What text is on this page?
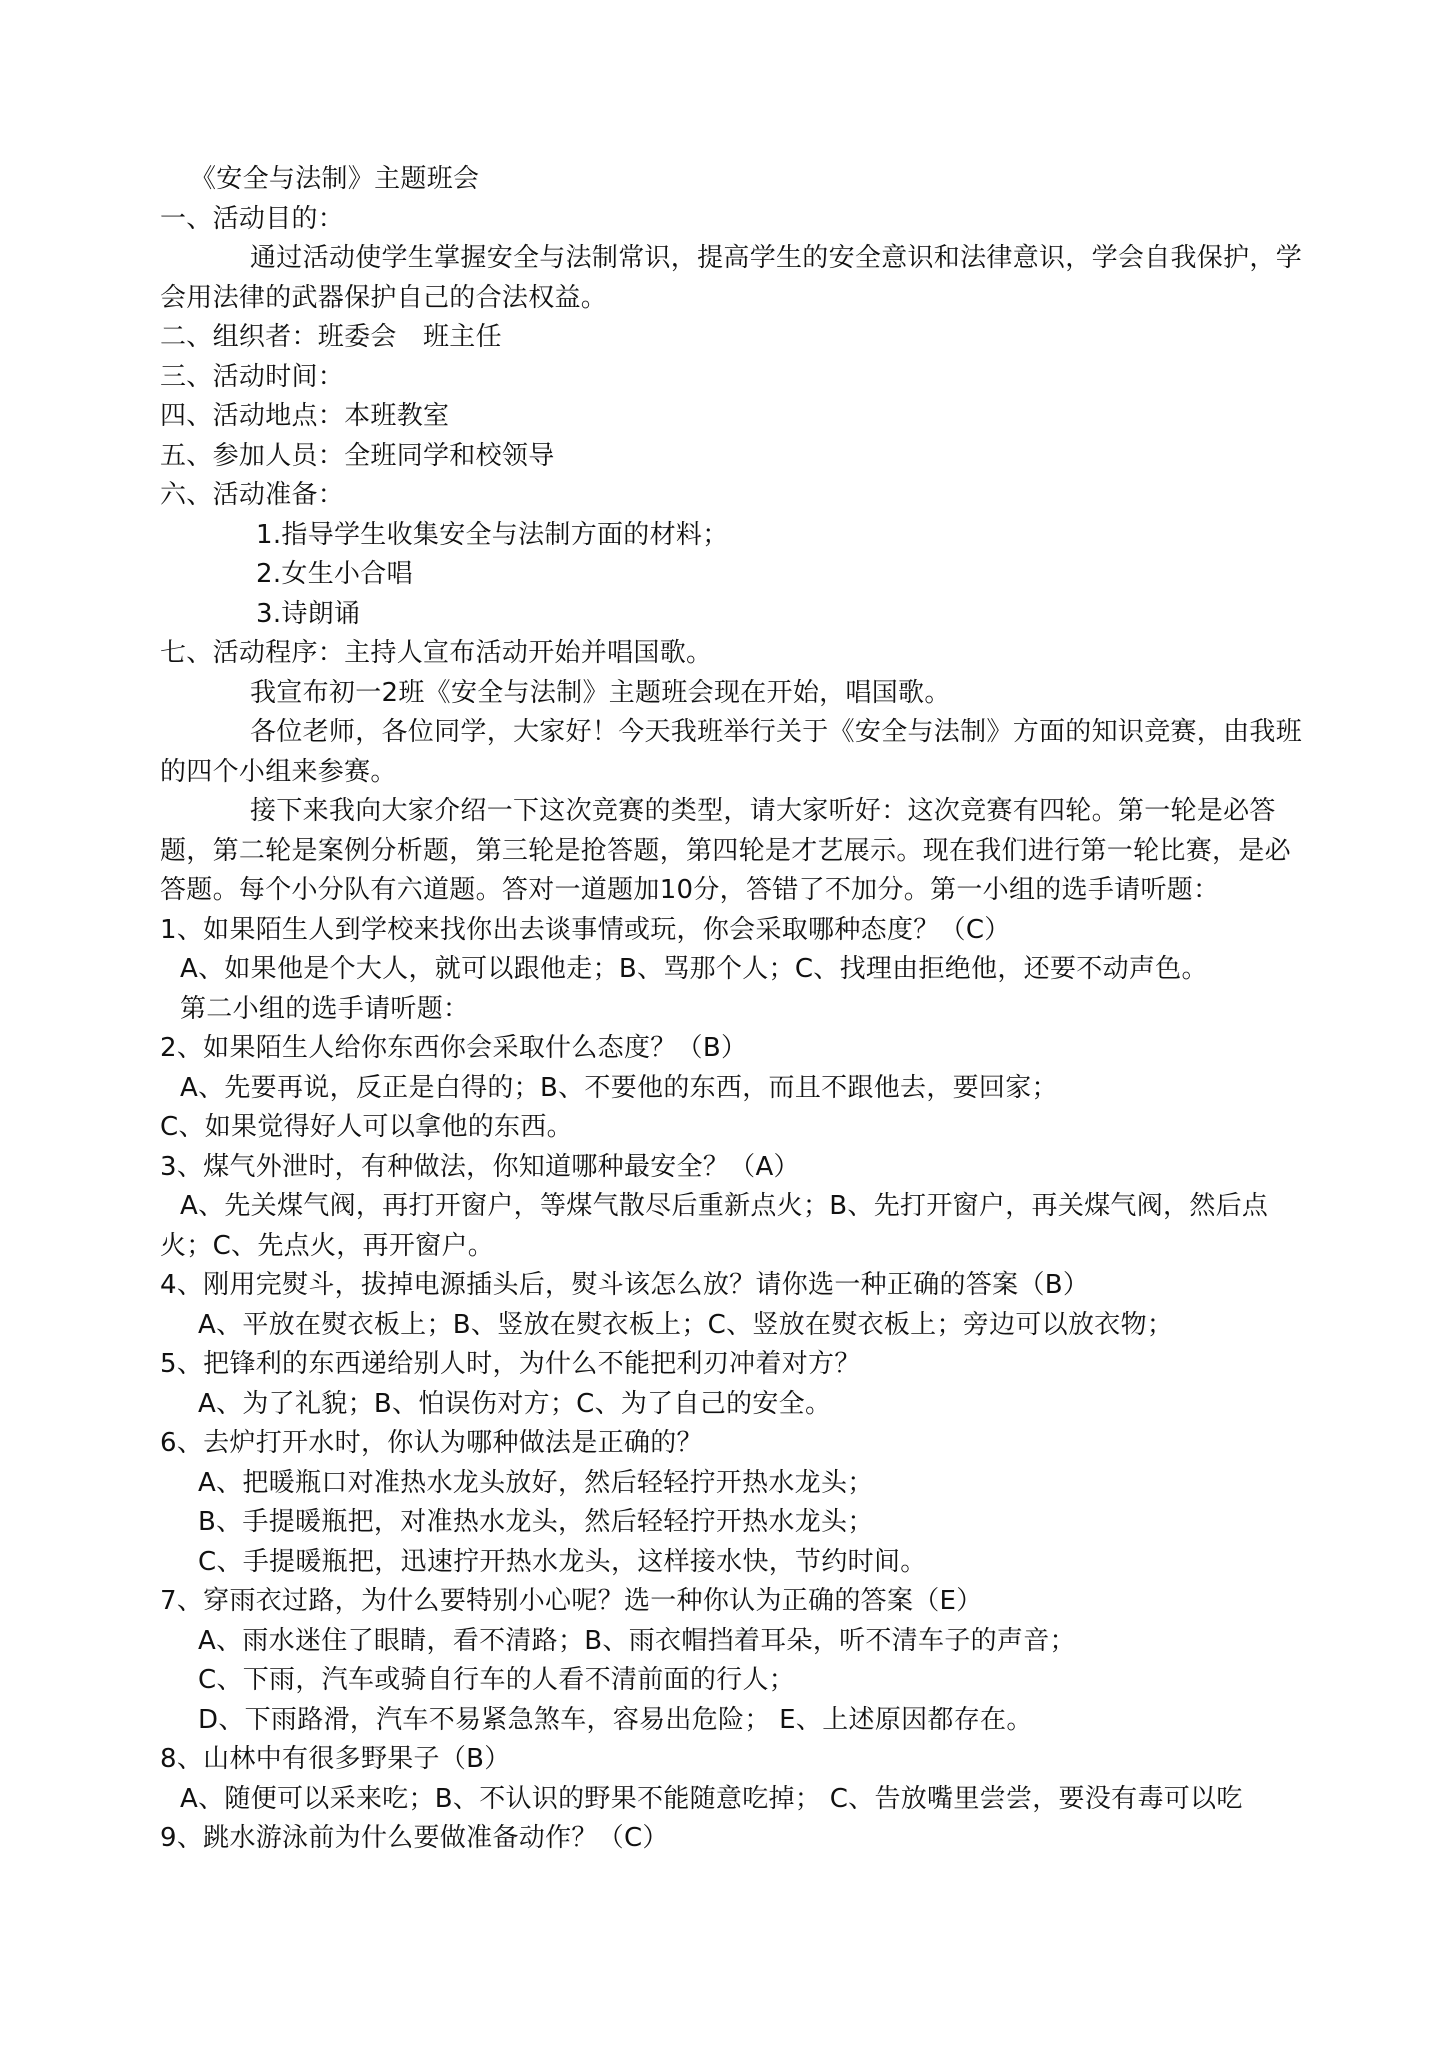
《安全与法制》主题班会
一、活动目的：
通过活动使学生掌握安全与法制常识，提高学生的安全意识和法律意识，学会自我保护，学会用法律的武器保护自己的合法权益。
二、组织者：班委会　班主任
三、活动时间：
四、活动地点：本班教室
五、参加人员：全班同学和校领导
六、活动准备：
1.指导学生收集安全与法制方面的材料；
2.女生小合唱
3.诗朗诵
七、活动程序：主持人宣布活动开始并唱国歌。
我宣布初一2班《安全与法制》主题班会现在开始，唱国歌。
各位老师，各位同学，大家好！今天我班举行关于《安全与法制》方面的知识竞赛，由我班的四个小组来参赛。
接下来我向大家介绍一下这次竞赛的类型，请大家听好：这次竞赛有四轮。第一轮是必答题，第二轮是案例分析题，第三轮是抢答题，第四轮是才艺展示。现在我们进行第一轮比赛，是必答题。每个小分队有六道题。答对一道题加10分，答错了不加分。第一小组的选手请听题：
1、如果陌生人到学校来找你出去谈事情或玩，你会采取哪种态度？（C）
A、如果他是个大人，就可以跟他走；B、骂那个人；C、找理由拒绝他，还要不动声色。
第二小组的选手请听题：
2、如果陌生人给你东西你会采取什么态度？（B）
A、先要再说，反正是白得的；B、不要他的东西，而且不跟他去，要回家；
C、如果觉得好人可以拿他的东西。
3、煤气外泄时，有种做法，你知道哪种最安全？（A）
A、先关煤气阀，再打开窗户，等煤气散尽后重新点火；B、先打开窗户，再关煤气阀，然后点火；C、先点火，再开窗户。
4、刚用完熨斗，拔掉电源插头后，熨斗该怎么放？请你选一种正确的答案（B）
A、平放在熨衣板上；B、竖放在熨衣板上；C、竖放在熨衣板上；旁边可以放衣物；
5、把锋利的东西递给别人时，为什么不能把利刃冲着对方？
A、为了礼貌；B、怕误伤对方；C、为了自己的安全。
6、去炉打开水时，你认为哪种做法是正确的？
A、把暖瓶口对准热水龙头放好，然后轻轻拧开热水龙头；
B、手提暖瓶把，对准热水龙头，然后轻轻拧开热水龙头；
C、手提暖瓶把，迅速拧开热水龙头，这样接水快，节约时间。
7、穿雨衣过路，为什么要特别小心呢？选一种你认为正确的答案（E）
A、雨水迷住了眼睛，看不清路；B、雨衣帽挡着耳朵，听不清车子的声音；
C、下雨，汽车或骑自行车的人看不清前面的行人；
D、下雨路滑，汽车不易紧急煞车，容易出危险； E、上述原因都存在。
8、山林中有很多野果子（B）
A、随便可以采来吃；B、不认识的野果不能随意吃掉； C、告放嘴里尝尝，要没有毒可以吃
9、跳水游泳前为什么要做准备动作？（C）
